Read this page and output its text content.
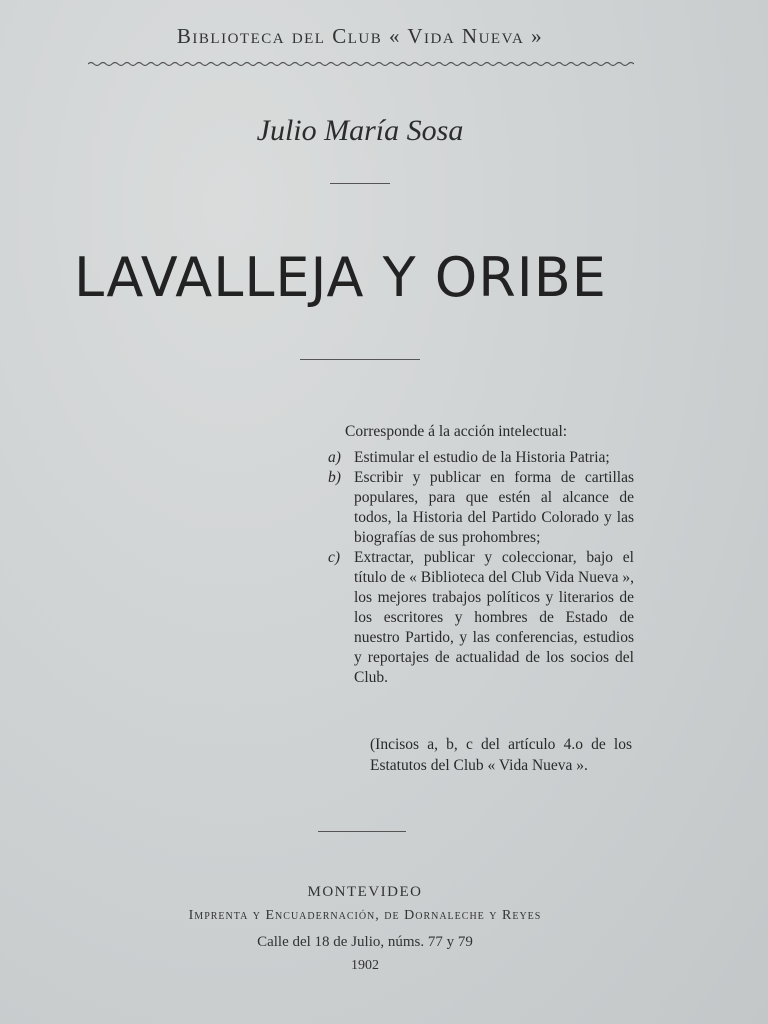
Biblioteca del Club « Vida Nueva »
Julio María Sosa
LAVALLEJA Y ORIBE
Corresponde á la acción intelectual:
a) Estimular el estudio de la Historia Patria;
b) Escribir y publicar en forma de cartillas populares, para que estén al alcance de todos, la Historia del Partido Colorado y las biografías de sus prohombres;
c) Extractar, publicar y coleccionar, bajo el título de « Biblioteca del Club Vida Nueva », los mejores trabajos políticos y literarios de los escritores y hombres de Estado de nuestro Partido, y las conferencias, estudios y reportajes de actualidad de los socios del Club.
(Incisos a, b, c del artículo 4.o de los Estatutos del Club « Vida Nueva ».
MONTEVIDEO
Imprenta y Encuadernación, de Dornaleche y Reyes
Calle del 18 de Julio, núms. 77 y 79
1902
